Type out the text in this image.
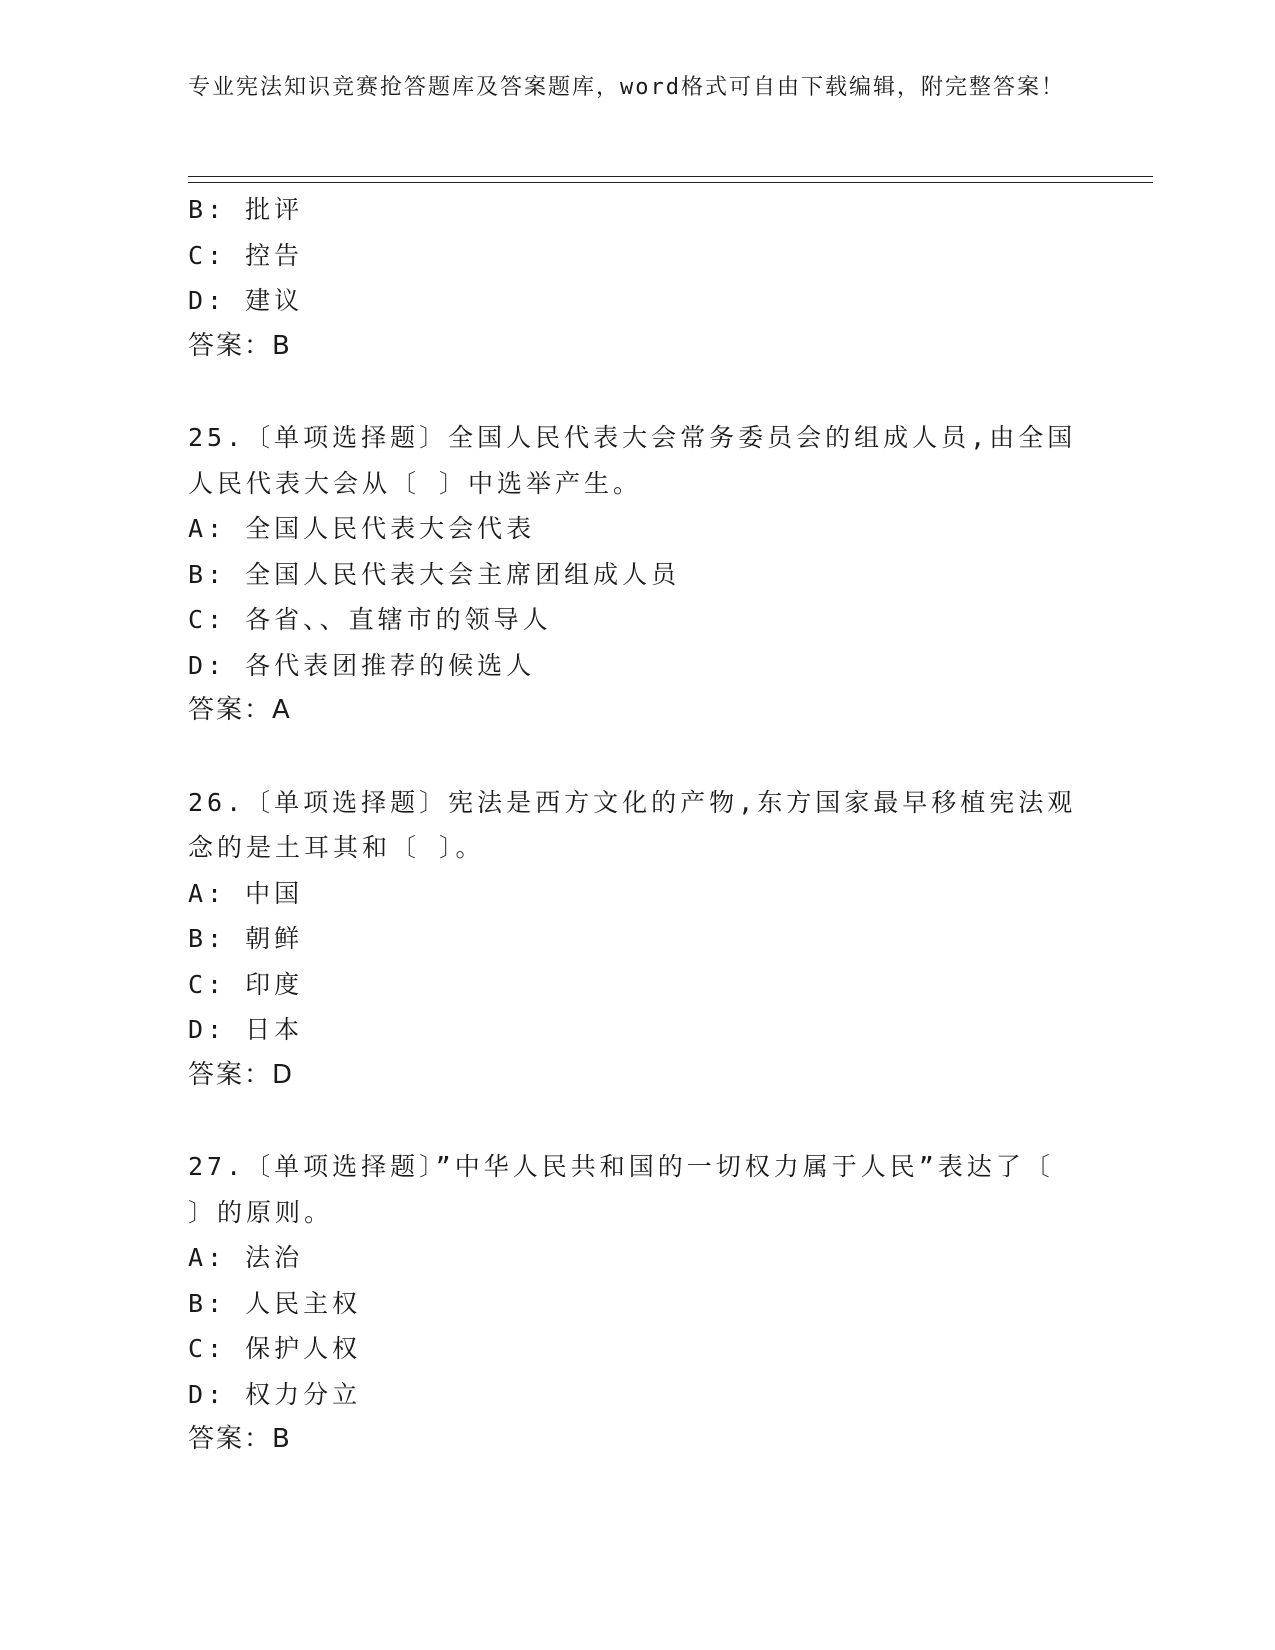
专业宪法知识竞赛抢答题库及答案题库，word格式可自由下载编辑，附完整答案！
B: 批评
C: 控告
D: 建议
答案：B
25.〔单项选择题〕全国人民代表大会常务委员会的组成人员,由全国
人民代表大会从〔 〕中选举产生。
A: 全国人民代表大会代表
B: 全国人民代表大会主席团组成人员
C: 各省、、直辖市的领导人
D: 各代表团推荐的候选人
答案：A
26.〔单项选择题〕宪法是西方文化的产物,东方国家最早移植宪法观
念的是土耳其和〔 〕。
A: 中国
B: 朝鲜
C: 印度
D: 日本
答案：D
27.〔单项选择题〕”中华人民共和国的一切权力属于人民”表达了〔
〕的原则。
A: 法治
B: 人民主权
C: 保护人权
D: 权力分立
答案：B
